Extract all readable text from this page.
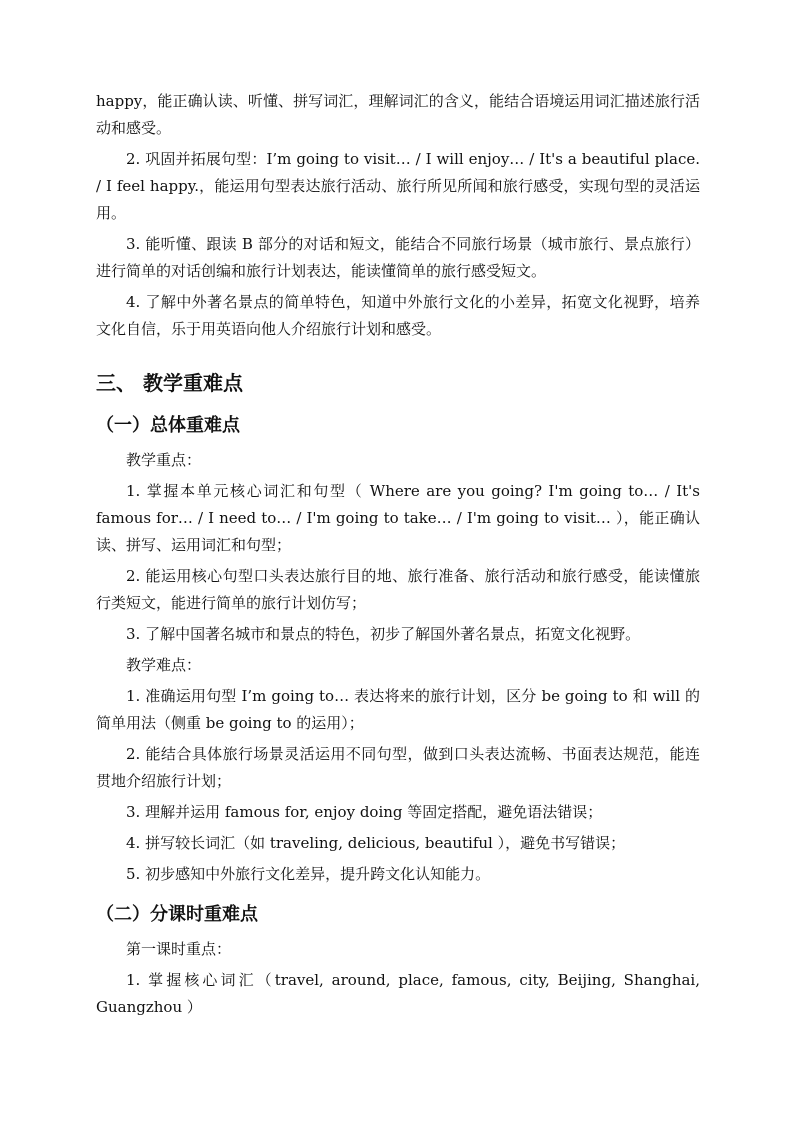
happy，能正确认读、听懂、拼写词汇，理解词汇的含义，能结合语境运用词汇描述旅行活动和感受。

2. 巩固并拓展句型：I’m going to visit… / I will enjoy… / It's a beautiful place. / I feel happy.，能运用句型表达旅行活动、旅行所见所闻和旅行感受，实现句型的灵活运用。

3. 能听懂、跟读 B 部分的对话和短文，能结合不同旅行场景（城市旅行、景点旅行）进行简单的对话创编和旅行计划表达，能读懂简单的旅行感受短文。

4. 了解中外著名景点的简单特色，知道中外旅行文化的小差异，拓宽文化视野，培养文化自信，乐于用英语向他人介绍旅行计划和感受。

三、 教学重难点
（一）总体重难点

教学重点：

1. 掌握本单元核心词汇和句型（ Where are you going? I'm going to… / It's famous for… / I need to… / I'm going to take… / I'm going to visit… ），能正确认读、拼写、运用词汇和句型；

2. 能运用核心句型口头表达旅行目的地、旅行准备、旅行活动和旅行感受，能读懂旅行类短文，能进行简单的旅行计划仿写；

3. 了解中国著名城市和景点的特色，初步了解国外著名景点，拓宽文化视野。

教学难点：

1. 准确运用句型 I’m going to… 表达将来的旅行计划，区分 be going to 和 will 的简单用法（侧重 be going to 的运用）；

2. 能结合具体旅行场景灵活运用不同句型，做到口头表达流畅、书面表达规范，能连贯地介绍旅行计划；

3. 理解并运用 famous for, enjoy doing 等固定搭配，避免语法错误；

4. 拼写较长词汇（如 traveling, delicious, beautiful ），避免书写错误；

5. 初步感知中外旅行文化差异，提升跨文化认知能力。

（二）分课时重难点

第一课时重点：

1. 掌握核心词汇（travel, around, place, famous, city, Beijing, Shanghai, Guangzhou ）
